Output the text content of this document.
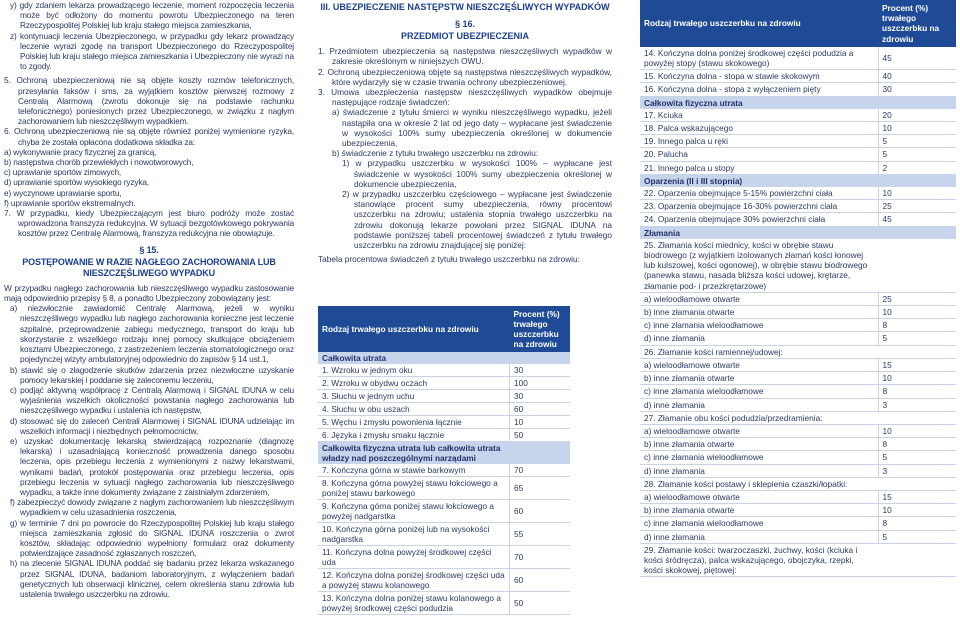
y) gdy zdaniem lekarza prowadzącego leczenie, moment rozpoczęcia leczenia może być odłożony do momentu powrotu Ubezpieczonego na teren Rzeczypospolitej Polskiej lub kraju stałego miejsca zamieszkania,

z) kontynuacji leczenia Ubezpieczonego, w przypadku gdy lekarz prowadzący leczenie wyrazi zgodę na transport Ubezpieczonego do Rzeczypospolitej Polskiej lub kraju stałego miejsca zamieszkania i Ubezpieczony nie wyrazi na to zgody.

5. Ochroną ubezpieczeniową nie są objęte koszty rozmów telefonicznych, przesyłania faksów i sms, za wyjątkiem kosztów pierwszej rozmowy z Centralą Alarmową (zwrotu dokonuje się na podstawie rachunku telefonicznego) poniesionych przez Ubezpieczonego, w związku z nagłym zachorowaniem lub nieszczęśliwym wypadkiem.

6. Ochroną ubezpieczeniową nie są objęte również poniżej wymienione ryzyka, chyba że została opłacona dodatkowa składka za:

a) wykonywanie pracy fizycznej za granicą,

b) następstwa chorób przewlekłych i nowotworowych,

c) uprawianie sportów zimowych,

d) uprawianie sportów wysokiego ryzyka,

e) wyczynowe uprawianie sportu,

f) uprawianie sportów ekstremalnych.

7. W przypadku, kiedy Ubezpieczającym jest biuro podróży może zostać wprowadzona franszyza redukcyjna. W sytuacji bezgotówkowego pokrywania kosztów przez Centralę Alarmową, franszyza redukcyjna nie obowiązuje.

§ 15.
POSTĘPOWANIE W RAZIE NAGŁEGO ZACHOROWANIA LUB NIESZCZĘŚLIWEGO WYPADKU

W przypadku nagłego zachorowania lub nieszczęśliwego wypadku zastosowanie mają odpowiednio przepisy § 8, a ponadto Ubezpieczony zobowiązany jest:

a) niezwłocznie zawiadomić Centralę Alarmową, jeżeli w wyniku nieszczęśliwego wypadku lub nagłego zachorowania konieczne jest leczenie szpitalne, przeprowadzenie zabiegu medycznego, transport do kraju lub skorzystanie z wszelkiego rodzaju innej pomocy skutkujące obciążeniem kosztami Ubezpieczonego, z zastrzeżeniem leczenia stomatologicznego oraz pojedynczej wizyty ambulatoryjnej odpowiednio do zapisów § 14 ust.1,

b) stawić się o złagodzenie skutków zdarzenia przez niezwłoczne uzyskanie pomocy lekarskiej i poddanie się zaleconemu leczeniu,

c) podjąć aktywną współpracę z Centralą Alarmową i SIGNAL IDUNA w celu wyjaśnienia wszelkich okoliczności powstania nagłego zachorowania lub nieszczęśliwego wypadku i ustalenia ich następstw,

d) stosować się do zaleceń Centrali Alarmowej i SIGNAL IDUNA udzielając im wszelkich informacji i niezbędnych pełnomocnictw,

e) uzyskać dokumentację lekarską stwierdzającą rozpoznanie (diagnozę lekarską) i uzasadniającą konieczność prowadzenia danego sposobu leczenia, opis przebiegu leczenia z wymienionymi z nazwy lekarstwami, wynikami badań, protokół postępowania oraz przebiegu leczenia, opis przebiegu leczenia w sytuacji nagłego zachorowania lub nieszczęśliwego wypadku, a także inne dokumenty związane z zaistniałym zdarzeniem,

f) zabezpieczyć dowody związane z nagłym zachorowaniem lub nieszczęśliwym wypadkiem w celu uzasadnienia roszczenia,

g) w terminie 7 dni po powrocie do Rzeczypospolitej Polskiej lub kraju stałego miejsca zamieszkania zgłosić do SIGNAL IDUNA roszczenia o zwrot kosztów, składając odpowiednio wypełniony formularz oraz dokumenty potwierdzające zasadność zgłaszanych roszczeń,

h) na zlecenie SIGNAL IDUNA poddać się badaniu przez lekarza wskazanego przez SIGNAL IDUNA, badaniom laboratoryjnym, z wyłączeniem badań genetycznych lub obserwacji klinicznej, celem określenia stanu zdrowia lub ustalenia trwałego uszczerbku na zdrowiu.

III. UBEZPIECZENIE NASTĘPSTW NIESZCZĘŚLIWYCH WYPADKÓW
§ 16.
PRZEDMIOT UBEZPIECZENIA

1. Przedmiotem ubezpieczenia są następstwa nieszczęśliwych wypadków w zakresie określonym w niniejszych OWU.

2. Ochroną ubezpieczeniową objęte są następstwa nieszczęśliwych wypadków, które wydarzyły się w czasie trwania ochrony ubezpieczeniowej.

3. Umowa ubezpieczenia następstw nieszczęśliwych wypadków obejmuje następujące rodzaje świadczeń:

a) świadczenie z tytułu śmierci w wyniku nieszczęśliwego wypadku, jeżeli nastąpiła ona w okresie 2 lat od jego daty – wypłacane jest świadczenie w wysokości 100% sumy ubezpieczenia określonej w dokumencie ubezpieczenia,

b) świadczenie z tytułu trwałego uszczerbku na zdrowiu:

1) w przypadku uszczerbku w wysokości 100% – wypłacane jest świadczenie w wysokości 100% sumy ubezpieczenia określonej w dokumencie ubezpieczenia,

2) w przypadku uszczerbku częściowego – wypłacane jest świadczenie stanowiące procent sumy ubezpieczenia, równy procentowi uszczerbku na zdrowiu; ustalenia stopnia trwałego uszczerbku na zdrowiu dokonują lekarze powołani przez SIGNAL IDUNA na podstawie poniższej tabeli procentowej świadczeń z tytułu trwałego uszczerbku na zdrowiu znajdującej się poniżej:

Tabela procentowa świadczeń z tytułu trwałego uszczerbku na zdrowiu:

Rodzaj trwałego uszczerbku na zdrowiu	Procent (%) trwałego uszczerbku na zdrowiu
Całkowita utrata	
1. Wzroku w jednym oku	30
2. Wzroku w obydwu oczach	100
3. Słuchu w jednym uchu	30
4. Słuchu w obu uszach	60
5. Węchu i zmysłu powonienia łącznie	10
6. Języka i zmysłu smaku łącznie	50
Całkowita fizyczna utrata lub całkowita utrata władzy nad poszczególnymi narządami	
7. Kończyna górna w stawie barkowym	70
8. Kończyna górna powyżej stawu łokciowego a poniżej stawu barkowego	65
9. Kończyna górna poniżej stawu łokciowego a powyżej nadgarstka	60
10. Kończyna górna poniżej lub na wysokości nadgarstka	55
11. Kończyna dolna powyżej środkowej części uda	70
12. Kończyna dolna poniżej środkowej części uda a powyżej stawu kolanowego	60
13. Kończyna dolna poniżej stawu kolanowego a powyżej środkowej części podudzia	50
Rodzaj trwałego uszczerbku na zdrowiu	Procent (%) trwałego uszczerbku na zdrowiu
14. Kończyna dolna poniżej środkowej części podudzia a powyżej stopy (stawu skokowego)	45
15. Kończyna dolna - stopa w stawie skokowym	40
16. Kończyna dolna - stopa z wyłączeniem pięty	30
Całkowita fizyczna utrata	
17. Kciuka	20
18. Palca wskazującego	10
19. Innego palca u ręki	5
20. Palucha	5
21. Innego palca u stopy	2
Oparzenia (II i III stopnia)	
22. Oparzenia obejmujące 5-15% powierzchni ciała	10
23. Oparzenia obejmujące 16-30% powierzchni ciała	25
24. Oparzenia obejmujące 30% powierzchni ciała	45
Złamania	
25. Złamania kości miednicy, kości w obrębie stawu biodrowego (z wyjątkiem izolowanych złamań kości łonowej lub kulszowej, kości ogonowej), w obrębie stawu biodrowego (panewka stawu, nasada bliższa kości udowej, krętarze, złamanie pod- i przezkrętarzowe)	
a) wieloodłamowe otwarte	25
b) inne złamania otwarte	10
c) inne złamania wieloodłamowe	8
d) inne złamania	5
26. Złamanie kości ramiennej/udowej:	
a) wieloodłamowe otwarte	15
b) inne złamania otwarte	10
c) inne złamania wieloodłamowe	8
d) inne złamania	3
27. Złamanie obu kości podudzia/przedramienia:	
a) wieloodłamowe otwarte	10
b) inne złamania otwarte	8
c) inne złamania wieloodłamowe	5
d) inne złamania	3
28. Złamanie kości postawy i sklepienia czaszki/łopatki:	
a) wieloodłamowe otwarte	15
b) inne złamania otwarte	10
c) inne złamania wieloodłamowe	8
d) inne złamania	5
29. Złamanie kości: twarzoczaszki, żuchwy, kości (kciuka i kości śródręcza), palca wskazującego, obojczyka, rzepki, kości skokowej, piętowej:	
